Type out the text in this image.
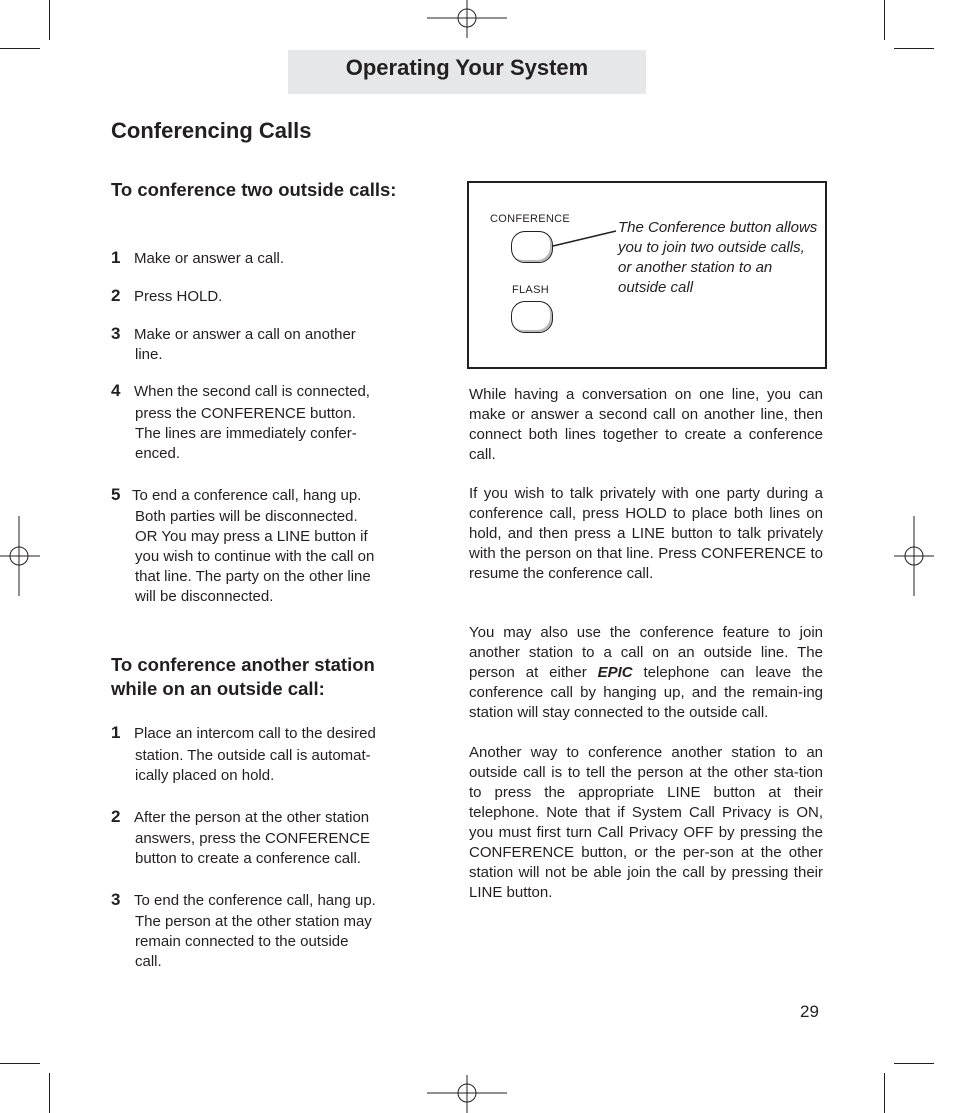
Operating Your System
Conferencing Calls
To conference two outside calls:
1 Make or answer a call.
2 Press HOLD.
3 Make or answer a call on another
line.
4 When the second call is connected,
press the CONFERENCE button.
The lines are immediately confer-
enced.
5 To end a conference call, hang up.
Both parties will be disconnected.
OR You may press a LINE button if
you wish to continue with the call on
that line. The party on the other line
will be disconnected.
To conference another station while on an outside call:
1 Place an intercom call to the desired
station. The outside call is automat-
ically placed on hold.
2 After the person at the other station
answers, press the CONFERENCE
button to create a conference call.
3 To end the conference call, hang up.
The person at the other station may
remain connected to the outside
call.
CONFERENCE
FLASH
The Conference button allows you to join two outside calls, or another station to an outside call

While having a conversation on one line, you can make or answer a second call on another line, then connect both lines together to create a conference call.

If you wish to talk privately with one party during a conference call, press HOLD to place both lines on hold, and then press a LINE button to talk privately with the person on that line. Press CONFERENCE to resume the conference call.

You may also use the conference feature to join another station to a call on an outside line. The person at either EPIC telephone can leave the conference call by hanging up, and the remain-ing station will stay connected to the outside call.

Another way to conference another station to an outside call is to tell the person at the other sta-tion to press the appropriate LINE button at their telephone. Note that if System Call Privacy is ON, you must first turn Call Privacy OFF by pressing the CONFERENCE button, or the per-son at the other station will not be able join the call by pressing their LINE button.

29
